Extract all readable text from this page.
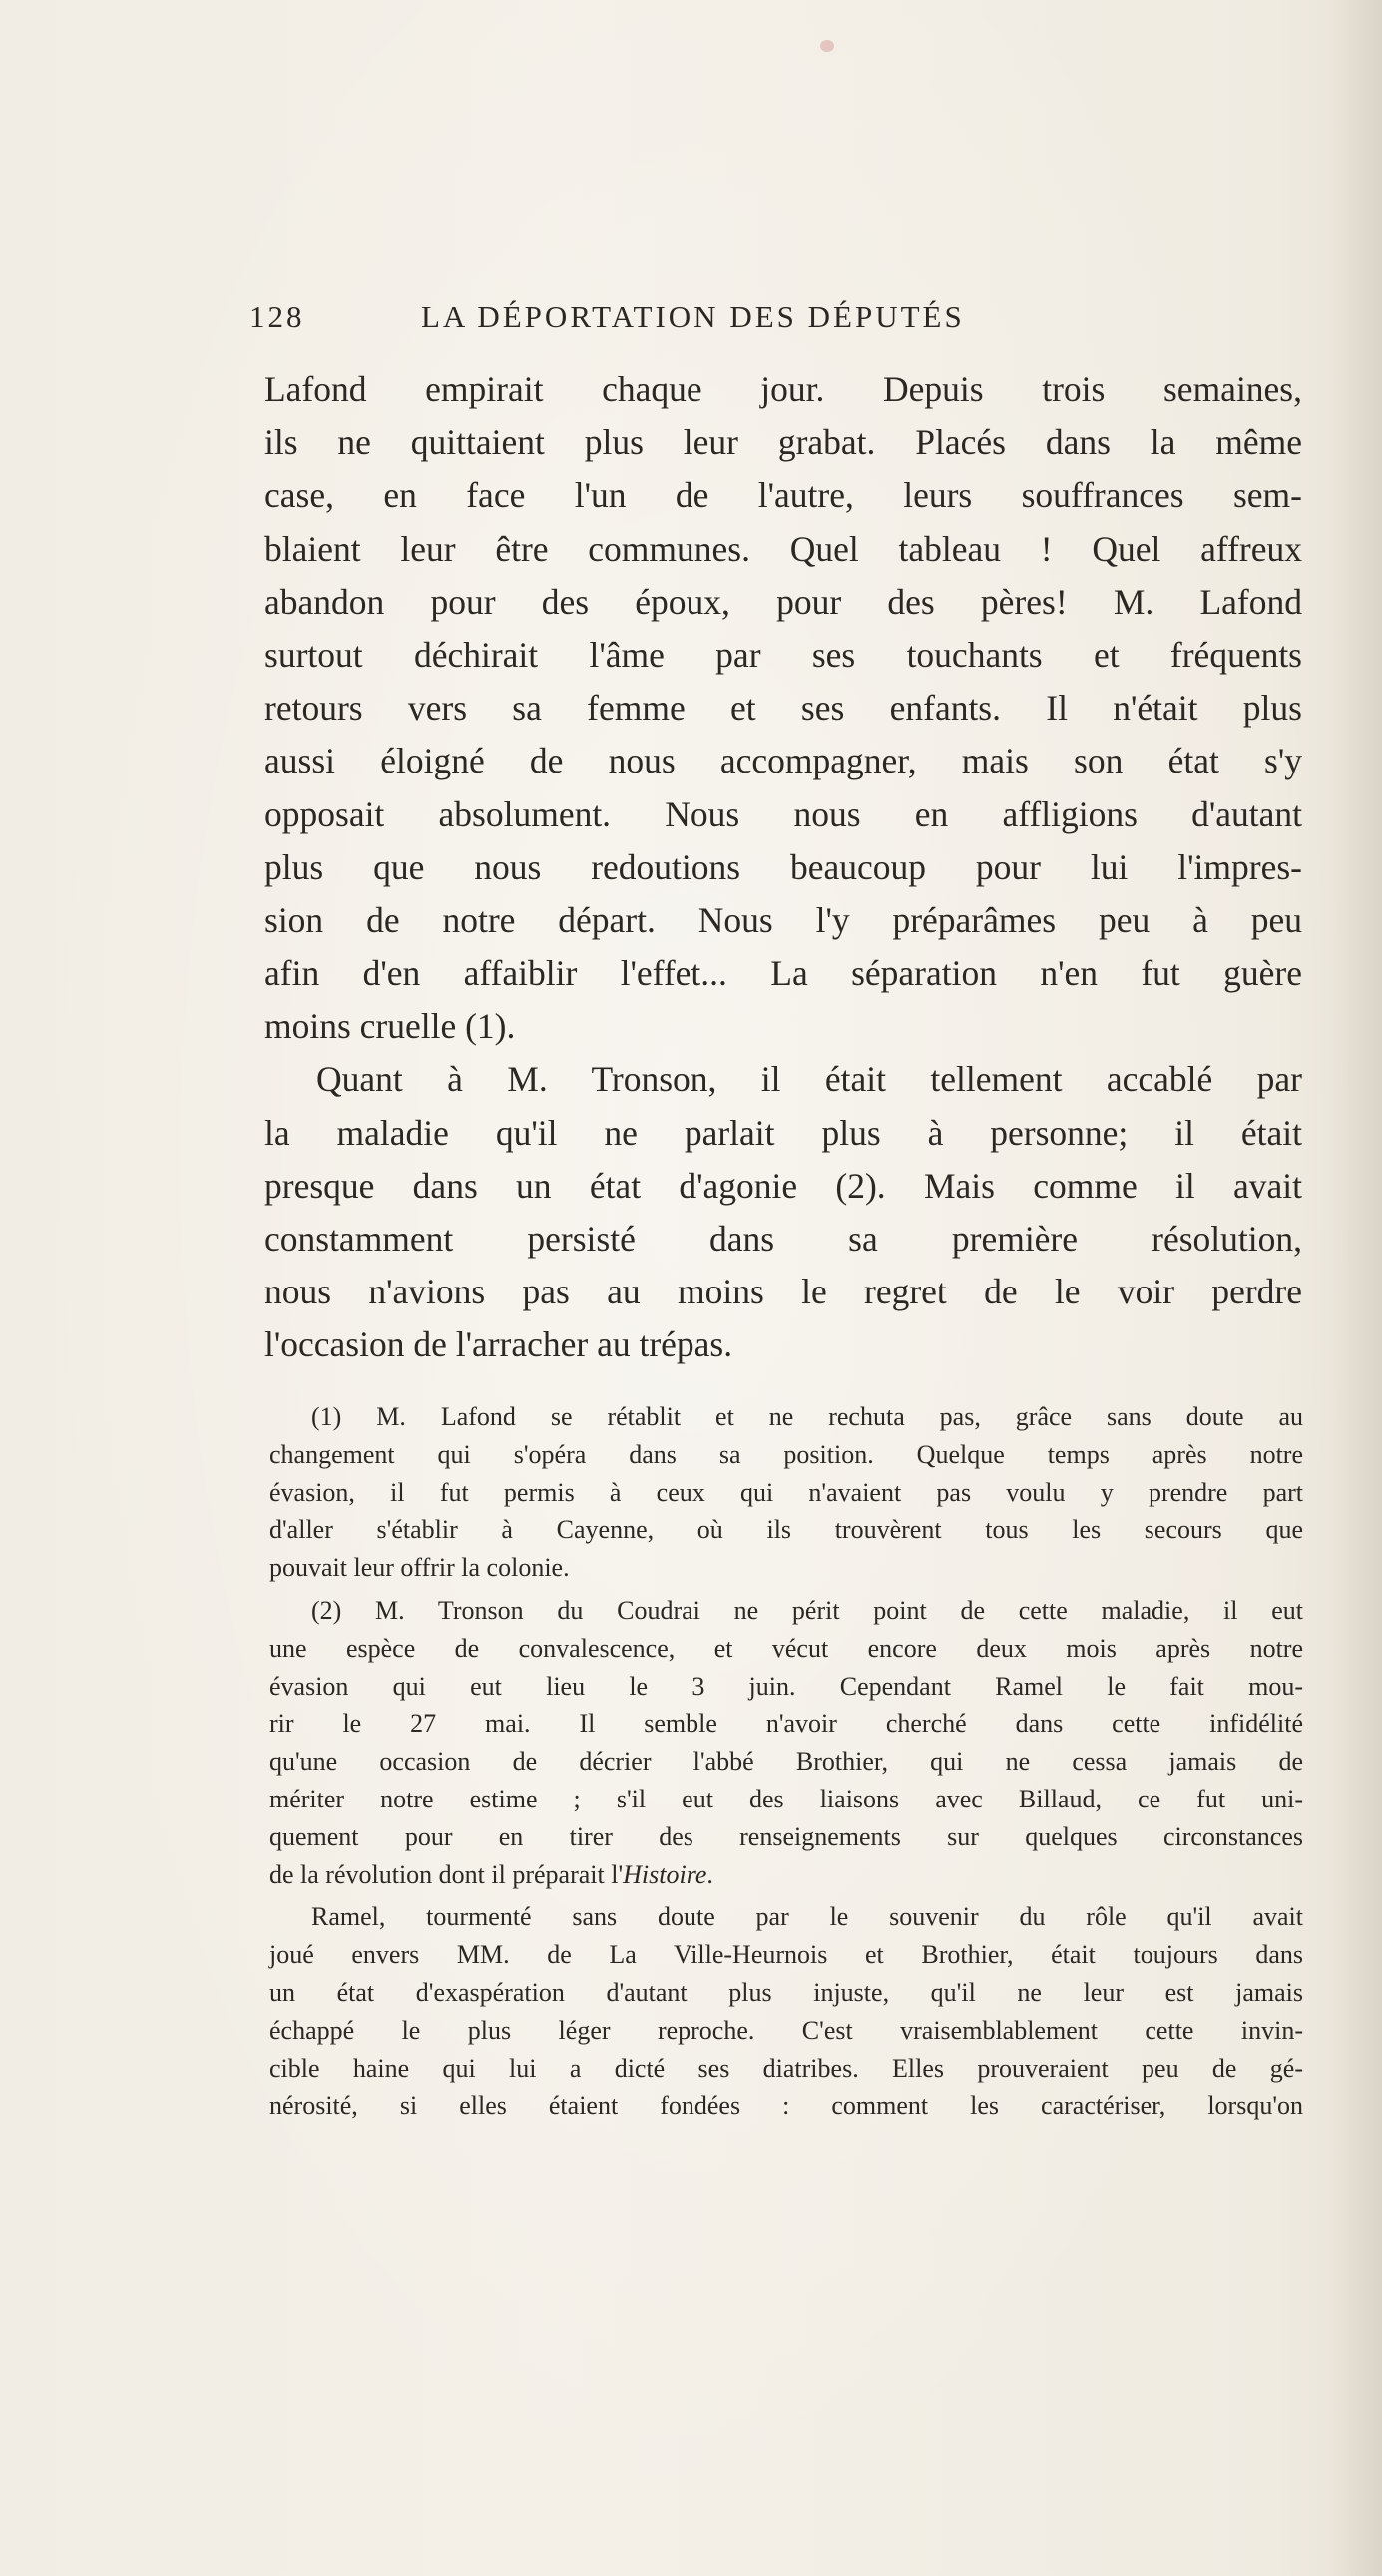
128	LA DÉPORTATION DES DÉPUTÉS
Lafond empirait chaque jour. Depuis trois semaines,
ils ne quittaient plus leur grabat. Placés dans la même
case, en face l'un de l'autre, leurs souffrances sem-
blaient leur être communes. Quel tableau ! Quel affreux
abandon pour des époux, pour des pères! M. Lafond
surtout déchirait l'âme par ses touchants et fréquents
retours vers sa femme et ses enfants. Il n'était plus
aussi éloigné de nous accompagner, mais son état s'y
opposait absolument. Nous nous en affligions d'autant
plus que nous redoutions beaucoup pour lui l'impres-
sion de notre départ. Nous l'y préparâmes peu à peu
afin d'en affaiblir l'effet... La séparation n'en fut guère
moins cruelle (1).
Quant à M. Tronson, il était tellement accablé par
la maladie qu'il ne parlait plus à personne; il était
presque dans un état d'agonie (2). Mais comme il avait
constamment persisté dans sa première résolution,
nous n'avions pas au moins le regret de le voir perdre
l'occasion de l'arracher au trépas.
(1) M. Lafond se rétablit et ne rechuta pas, grâce sans doute au
changement qui s'opéra dans sa position. Quelque temps après notre
évasion, il fut permis à ceux qui n'avaient pas voulu y prendre part
d'aller s'établir à Cayenne, où ils trouvèrent tous les secours que
pouvait leur offrir la colonie.
(2) M. Tronson du Coudrai ne périt point de cette maladie, il eut
une espèce de convalescence, et vécut encore deux mois après notre
évasion qui eut lieu le 3 juin. Cependant Ramel le fait mou-
rir le 27 mai. Il semble n'avoir cherché dans cette infidélité
qu'une occasion de décrier l'abbé Brothier, qui ne cessa jamais de
mériter notre estime ; s'il eut des liaisons avec Billaud, ce fut uni-
quement pour en tirer des renseignements sur quelques circonstances
de la révolution dont il préparait l'Histoire.
Ramel, tourmenté sans doute par le souvenir du rôle qu'il avait
joué envers MM. de La Ville-Heurnois et Brothier, était toujours dans
un état d'exaspération d'autant plus injuste, qu'il ne leur est jamais
échappé le plus léger reproche. C'est vraisemblablement cette invin-
cible haine qui lui a dicté ses diatribes. Elles prouveraient peu de gé-
nérosité, si elles étaient fondées : comment les caractériser, lorsqu'on
